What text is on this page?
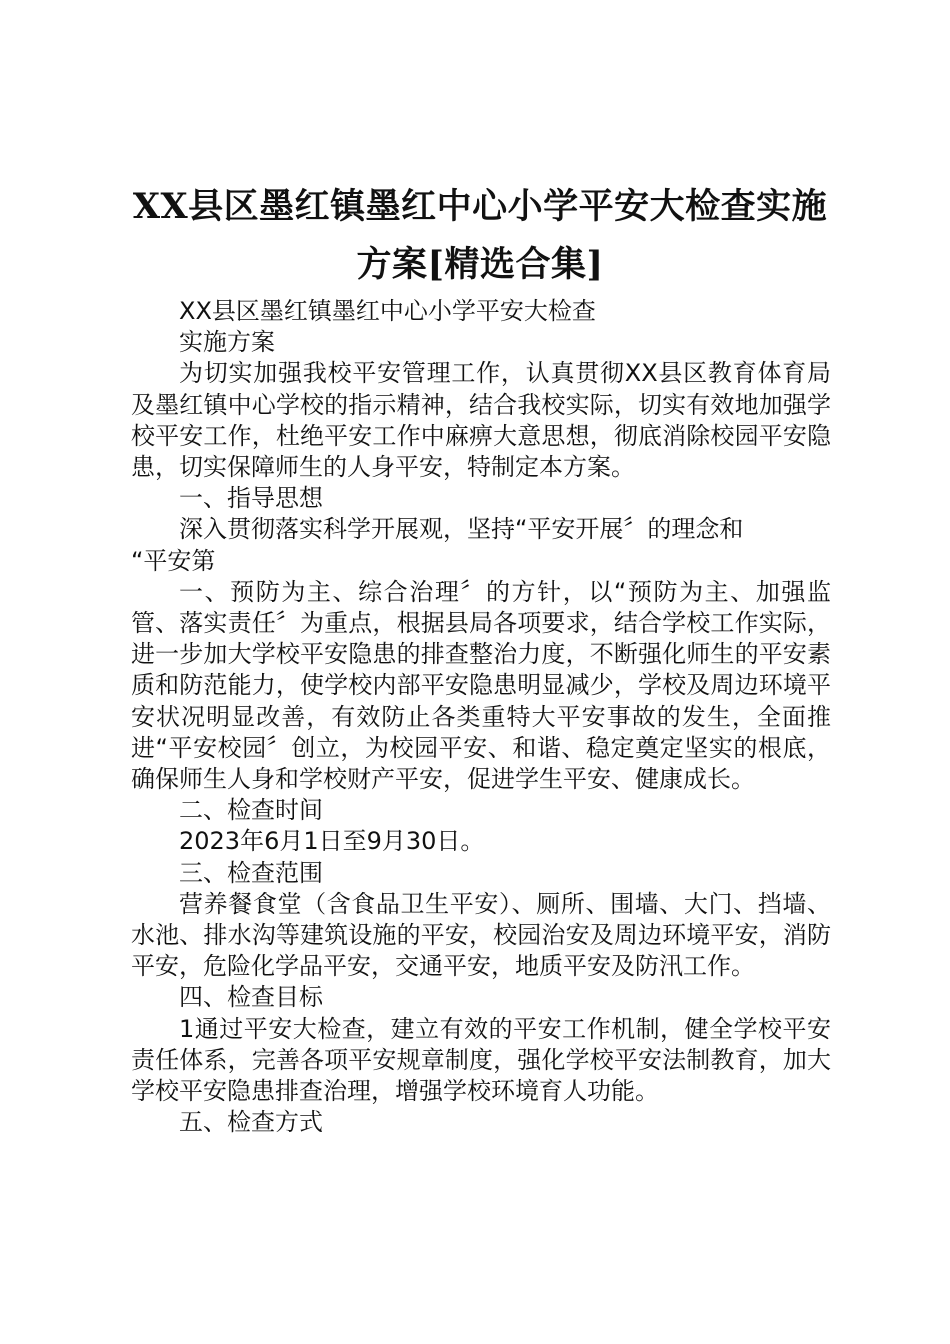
XX县区墨红镇墨红中心小学平安大检查实施
方案[精选合集]

XX县区墨红镇墨红中心小学平安大检查

实施方案

为切实加强我校平安管理工作，认真贯彻XX县区教育体育局及墨红镇中心学校的指示精神，结合我校实际，切实有效地加强学校平安工作，杜绝平安工作中麻痹大意思想，彻底消除校园平安隐患，切实保障师生的人身平安，特制定本方案。

一、指导思想

深入贯彻落实科学开展观，坚持“平安开展〞的理念和

“平安第

一、预防为主、综合治理〞的方针，以“预防为主、加强监管、落实责任〞为重点，根据县局各项要求，结合学校工作实际，进一步加大学校平安隐患的排查整治力度，不断强化师生的平安素质和防范能力，使学校内部平安隐患明显减少，学校及周边环境平安状况明显改善，有效防止各类重特大平安事故的发生，全面推进“平安校园〞创立，为校园平安、和谐、稳定奠定坚实的根底，确保师生人身和学校财产平安，促进学生平安、健康成长。

二、检查时间

2023年6月1日至9月30日。

三、检查范围

营养餐食堂（含食品卫生平安）、厕所、围墙、大门、挡墙、水池、排水沟等建筑设施的平安，校园治安及周边环境平安，消防平安，危险化学品平安，交通平安，地质平安及防汛工作。

四、检查目标

1通过平安大检查，建立有效的平安工作机制，健全学校平安责任体系，完善各项平安规章制度，强化学校平安法制教育，加大学校平安隐患排查治理，增强学校环境育人功能。

五、检查方式
